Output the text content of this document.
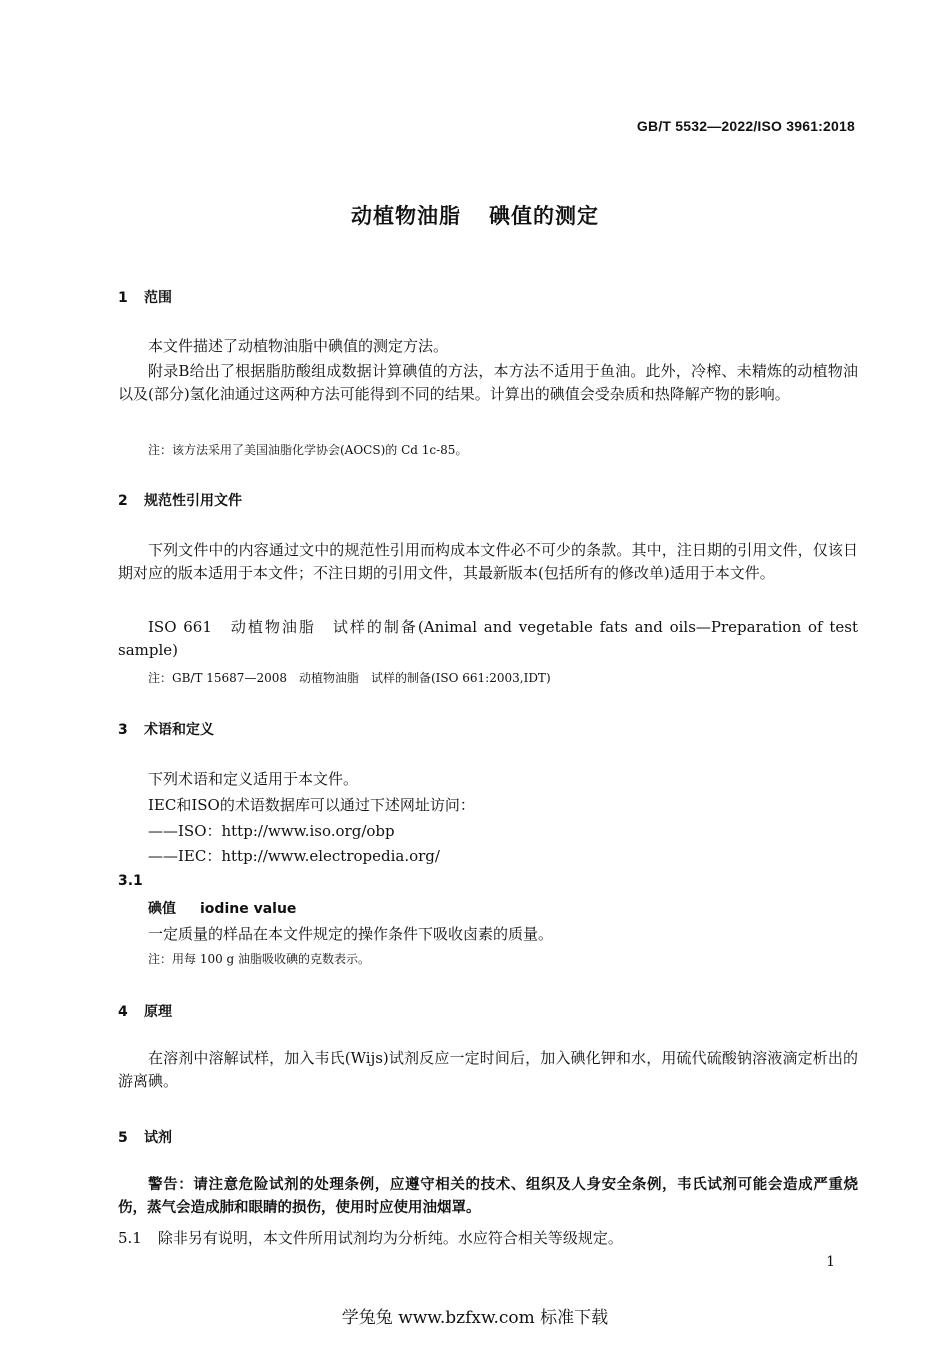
GB/T 5532—2022/ISO 3961:2018
动植物油脂 碘值的测定
1 范围
本文件描述了动植物油脂中碘值的测定方法。
附录B给出了根据脂肪酸组成数据计算碘值的方法，本方法不适用于鱼油。此外，冷榨、未精炼的动植物油以及(部分)氢化油通过这两种方法可能得到不同的结果。计算出的碘值会受杂质和热降解产物的影响。
注：该方法采用了美国油脂化学协会(AOCS)的 Cd 1c-85。
2 规范性引用文件
下列文件中的内容通过文中的规范性引用而构成本文件必不可少的条款。其中，注日期的引用文件，仅该日期对应的版本适用于本文件；不注日期的引用文件，其最新版本(包括所有的修改单)适用于本文件。
ISO 661　动植物油脂　试样的制备(Animal and vegetable fats and oils—Preparation of test sample)
注：GB/T 15687—2008　动植物油脂　试样的制备(ISO 661:2003,IDT)
3 术语和定义
下列术语和定义适用于本文件。
IEC和ISO的术语数据库可以通过下述网址访问：
——ISO：http://www.iso.org/obp
——IEC：http://www.electropedia.org/
3.1
碘值 iodine value
一定质量的样品在本文件规定的操作条件下吸收卤素的质量。
注：用每 100 g 油脂吸收碘的克数表示。
4 原理
在溶剂中溶解试样，加入韦氏(Wijs)试剂反应一定时间后，加入碘化钾和水，用硫代硫酸钠溶液滴定析出的游离碘。
5 试剂
警告：请注意危险试剂的处理条例，应遵守相关的技术、组织及人身安全条例，韦氏试剂可能会造成严重烧伤，蒸气会造成肺和眼睛的损伤，使用时应使用油烟罩。
5.1 除非另有说明，本文件所用试剂均为分析纯。水应符合相关等级规定。
1
学兔兔 www.bzfxw.com 标准下载
